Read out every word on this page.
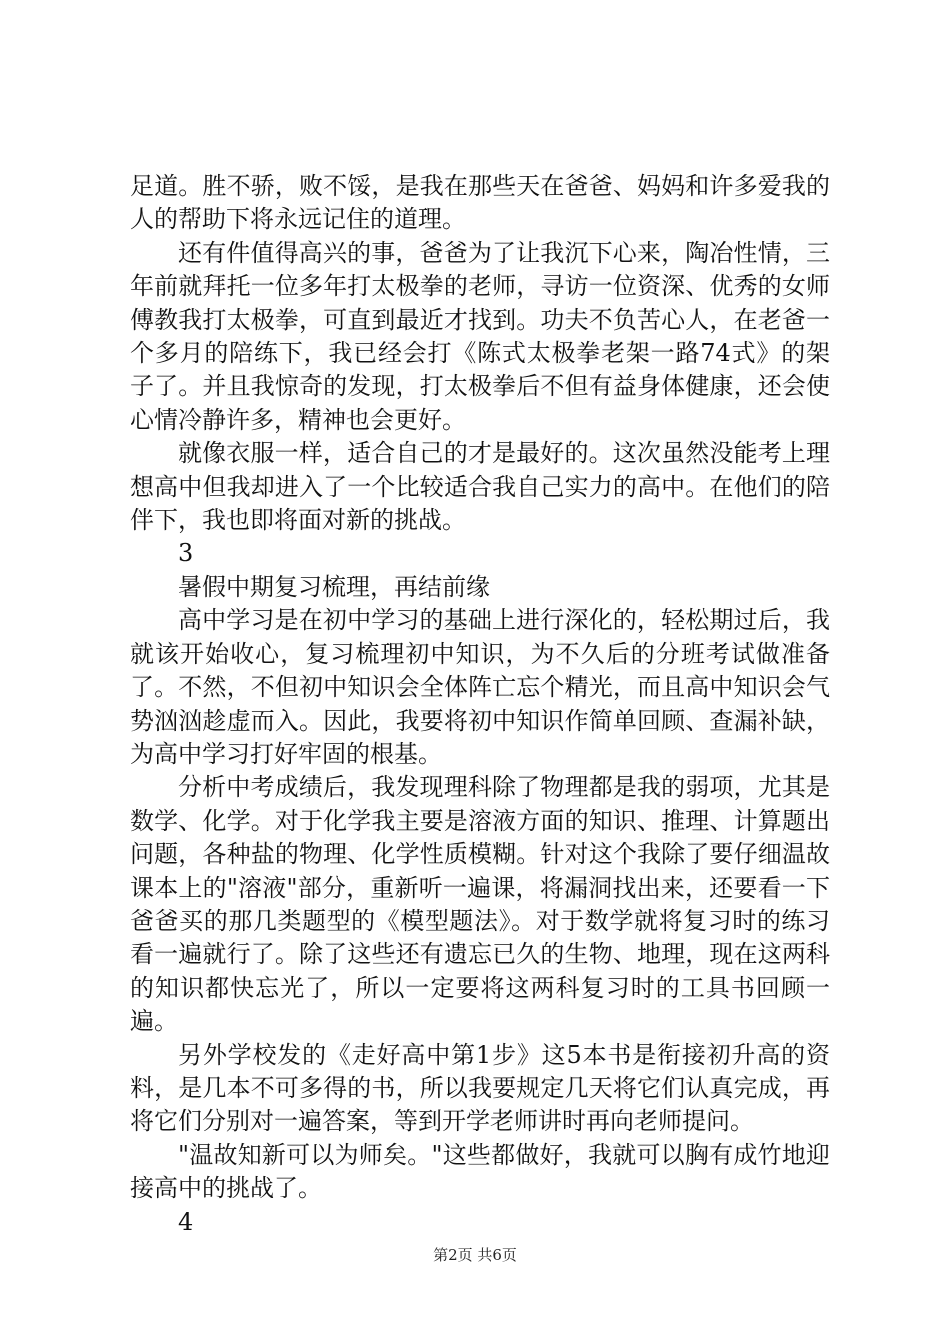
足道。胜不骄，败不馁，是我在那些天在爸爸、妈妈和许多爱我的人的帮助下将永远记住的道理。

还有件值得高兴的事，爸爸为了让我沉下心来，陶冶性情，三年前就拜托一位多年打太极拳的老师，寻访一位资深、优秀的女师傅教我打太极拳，可直到最近才找到。功夫不负苦心人，在老爸一个多月的陪练下，我已经会打《陈式太极拳老架一路74式》的架子了。并且我惊奇的发现，打太极拳后不但有益身体健康，还会使心情冷静许多，精神也会更好。

就像衣服一样，适合自己的才是最好的。这次虽然没能考上理想高中但我却进入了一个比较适合我自己实力的高中。在他们的陪伴下，我也即将面对新的挑战。

3

暑假中期复习梳理，再结前缘

高中学习是在初中学习的基础上进行深化的，轻松期过后，我就该开始收心，复习梳理初中知识，为不久后的分班考试做准备了。不然，不但初中知识会全体阵亡忘个精光，而且高中知识会气势汹汹趁虚而入。因此，我要将初中知识作简单回顾、查漏补缺，为高中学习打好牢固的根基。

分析中考成绩后，我发现理科除了物理都是我的弱项，尤其是数学、化学。对于化学我主要是溶液方面的知识、推理、计算题出问题，各种盐的物理、化学性质模糊。针对这个我除了要仔细温故课本上的"溶液"部分，重新听一遍课，将漏洞找出来，还要看一下爸爸买的那几类题型的《模型题法》。对于数学就将复习时的练习看一遍就行了。除了这些还有遗忘已久的生物、地理，现在这两科的知识都快忘光了，所以一定要将这两科复习时的工具书回顾一遍。

另外学校发的《走好高中第1步》这5本书是衔接初升高的资料，是几本不可多得的书，所以我要规定几天将它们认真完成，再将它们分别对一遍答案，等到开学老师讲时再向老师提问。

"温故知新可以为师矣。"这些都做好，我就可以胸有成竹地迎接高中的挑战了。

4

第2页 共6页
